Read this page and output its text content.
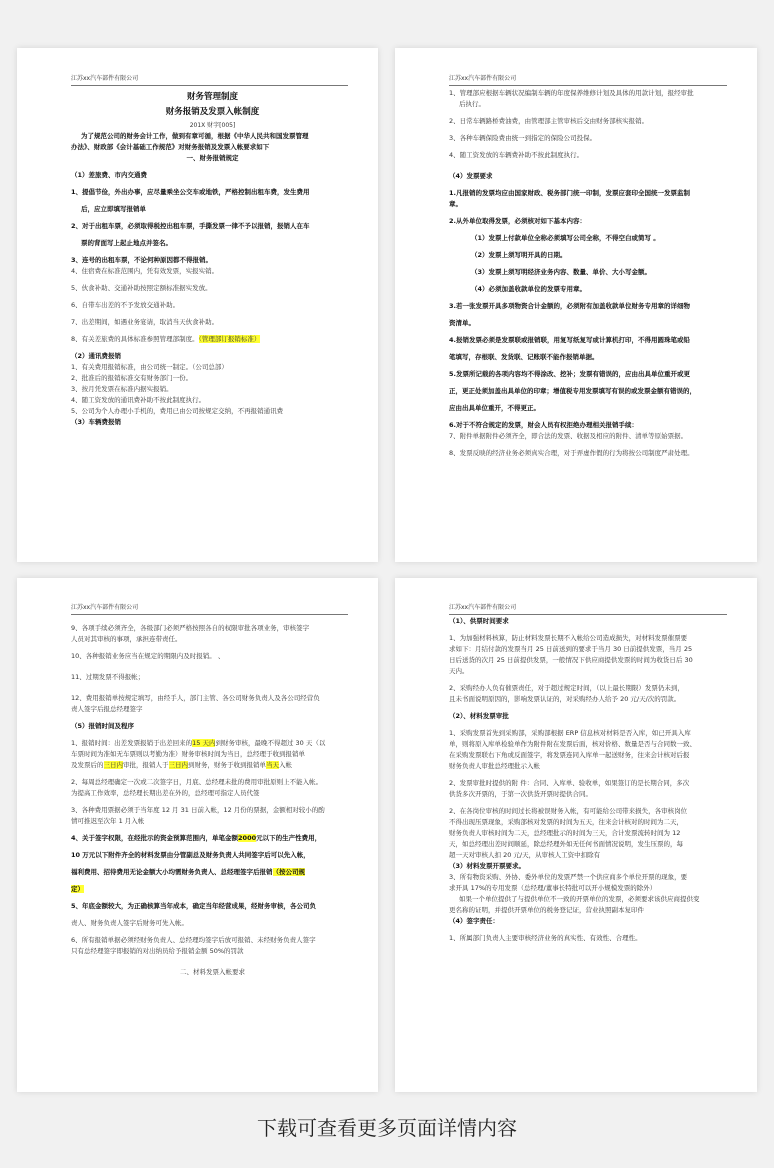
江苏xx汽车部件有限公司
财务管理制度
财务报销及发票入帐制度
201X 财字[005]
为了规范公司的财务会计工作，做到有章可循，根据《中华人民共和国发票管理
办法》、财政部《会计基础工作规范》对财务报销及发票入帐要求如下
一、财务报销规定
（1）差旅费、市内交通费
1、提倡节俭，外出办事，应尽量乘坐公交车或地铁，严格控制出租车费，发生费用
后，应立即填写报销单
2、对于出租车票，必须取得税控出租车票，手撕发票一律不予以报销，报销人在车
票的背面写上起止地点并签名。
3、连号的出租车票，不论何种原因都不得报销。
4、住宿费在标准范围内，凭有效发票，实报实销。
5、伙食补助、交通补助按照定额标准据实发放。
6、自带车出差的不予发放交通补助。
7、出差期间，如遇业务宴请，取消当天伙食补助。
8、有关差旅费的具体标准参照管理部制度。（管理部订报销标准）
（2）通讯费报销
1、有关费用报销标准，由公司统一制定。（公司总部）
2、批准后的报销标准交有财务部门一份。
3、按月凭发票在标准内据实报销。
4、随工资发放的通讯费补助不按此制度执行。
5、公司为个人办理小手机的，费用已由公司按规定交纳，不再报销通讯费
（3）车辆费报销
江苏xx汽车部件有限公司
1、管理部应根据车辆状况编制车辆的年度保养维修计划及具体的用款计划，报经审批
后执行。
2、日常车辆路桥费油费，由管理部主管审核后交由财务部核实报销。
3、各种车辆保险费由统一到指定的保险公司投保。
4、随工资发放的车辆费补助不按此制度执行。
（4）发票要求
1.凡报销的发票均应由国家财政、税务部门统一印制，发票应套印全国统一发票监制
章。
2.从外单位取得发票，必须核对如下基本内容：
（1）发票上付款单位全称必须填写公司全称，不得空白或简写 。
（2）发票上须写明开具的日期。
（3）发票上须写明经济业务内容、数量、单价、大小写金额。
（4）必须加盖收款单位的发票专用章。
3.若一张发票开具多项物资合计金额的，必须附有加盖收款单位财务专用章的详细物
资清单。
4.报销发票必须是发票联或报销联，用复写纸复写或计算机打印，不得用圆珠笔或铅
笔填写，存根联、发货联、记账联不能作报销单据。
5.发票所记载的各项内容均不得涂改、挖补；发票有错误的，应由出具单位重开或更
正，更正处须加盖出具单位的印章；增值税专用发票填写有误的或发票金额有错误的，
应由出具单位重开，不得更正。
6.对于不符合规定的发票，财会人员有权拒绝办理相关报销手续：
7、附件单据附件必须齐全，即合法的发票、收据及相应的附件、清单等原始票据。
8、发票反映的经济业务必须真实合理，对于弄虚作假的行为将按公司制度严肃处理。
江苏xx汽车部件有限公司
9、各项手续必须齐全，各级部门必须严格按照各自的权限审批各项业务，审核签字
人员对其审核的事项，承担连带责任。
10、各种报销业务应当在规定的期限内及时报销。 、
11、过期发票不得报帐；
12、费用报销单按规定填写，由经手人，部门主管、各公司财务负责人及各公司经营负
责人签字后报总经理签字
（5）报销时间及程序
1、报销时间：出差发票报销于出差回来的15 天内到财务审核，最晚不得超过 30 天（以
车票时间为准如无车票则以考勤为准）财务审核时间为当日，总经理于收到报销单
及发票后的三日内审批，报销人于三日内到财务，财务于收到报销单当天入帐
2、每周总经理确定一次或二次签字日，月底、总经理未批的费用审批原则上不能入帐。
为提高工作效率，总经理长期出差在外的，总经理可指定人员代签
3、各种费用票据必须于当年度 12 月 31 日前入帐，12 月份的票据，金额相对较小的酌
情可推迟至次年 1 月入帐
4、关于签字权限，在经批示的资金预算范围内，单笔金额2000元以下的生产性费用，
10 万元以下附件齐全的材料发票由分管副总及财务负责人共同签字后可以先入帐，
福利费用、招待费用无论金额大小均需财务负责人、总经理签字后报销（按公司规
定）
5、年底金额较大，为正确核算当年成本，确定当年经营成果，经财务审核，各公司负
责人、财务负责人签字后财务可先入帐。
6、所有报销单据必须经财务负责人、总经理均签字后放可报销、未经财务负责人签字
只有总经理签字即报销的对出纳员给予报销金额 50%的罚款
二、材料发票入帐要求
江苏xx汽车部件有限公司
（1）、供票时间要求
1、为加强材料核算，防止材料发票长期不入帐给公司造成损失，对材料发票催票要
求如下：月结付款的发票当月 25 日前送到的要求于当月 30 日前提供发票，当月 25
日后送货的次月 25 日前提供发票，一般情况下供应商提供发票的时间为收货日后 30
天内。
2、采购经办人负有催票责任，对于超过规定时间，（以上最长期限）发票仍未到，
且未书面说明原因的，影响发票认证的，对采购经办人给予 20 元/天/次的罚款。
（2）、材料发票审批
1、采购发票首先到采购部，采购部根据 ERP 信息核对材料是否入库，如已开具入库
单，则将原入库单检验单作为附件附在发票后面，核对价格、数量是否与合同数一致、
在采购发票联右下角或反面签字，将发票连同入库单一起送财务，往来会计核对后报
财务负责人审批总经理批示入帐
2、发票审批时提供的附 件：合同、入库单、验收单，如果签订的是长期合同，多次
供货多次开票的，于第一次供货开票时提供合同。
2、在各岗位审核的时间过长将被误财务入帐，有可能给公司带来损失，各审核岗位
不得出现压票现象，采购部核对发票的时间为五天，往来会计核对的时间为二天，
财务负责人审核时间为二天，总经理批示的时间为三天，合计发票流转时间为 12
天，如总经理出差时间顺延，除总经理外如无任何书面情况说明，发生压票的，每
超一天对审核人扣 20 元/天，从审核人工资中扣除有
（3）材料发票开票要求。
3、所有物资采购、外协、委外单位的发票严禁一个供应商多个单位开票的现象，要
求开具 17%的专用发票（总经理/董事长特批可以开小规模发票的除外）
如果一个单位提供了与提供单位不一致的开票单位的发票，必须要求该供应商提供变
更名称的证明，并提供开票单位的税务登记证，营业执照副本复印件
（4）签字责任：
1、所属部门负责人主要审核经济业务的真实性、有效性、合理性。
下载可查看更多页面详情内容
